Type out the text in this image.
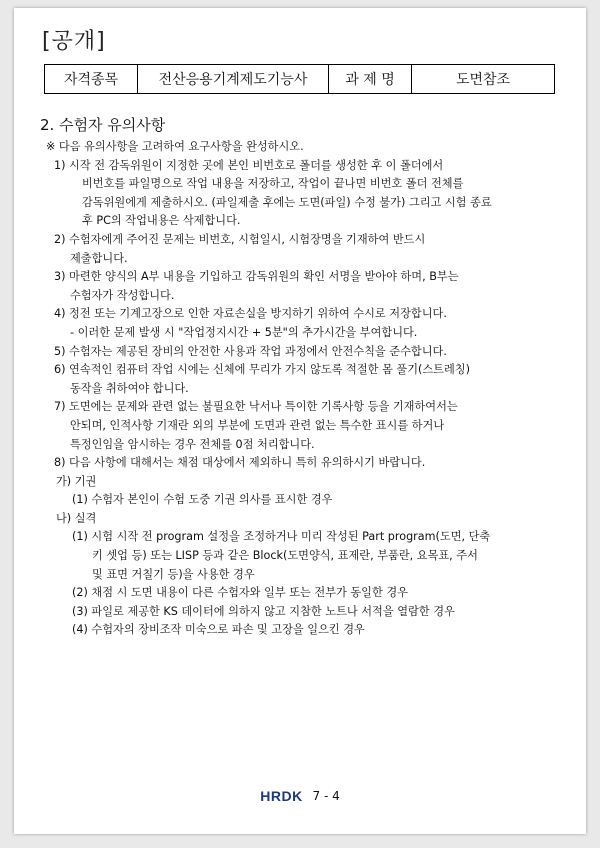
[공개]
자격종목	전산응용기계제도기능사	과 제 명	도면참조
2. 수험자 유의사항
※ 다음 유의사항을 고려하여 요구사항을 완성하시오.
1) 시작 전 감독위원이 지정한 곳에 본인 비번호로 폴더를 생성한 후 이 폴더에서
비번호를 파일명으로 작업 내용을 저장하고, 작업이 끝나면 비번호 폴더 전체를
감독위원에게 제출하시오. (파일제출 후에는 도면(파일) 수정 불가) 그리고 시험 종료
후 PC의 작업내용은 삭제합니다.
2) 수험자에게 주어진 문제는 비번호, 시험일시, 시험장명을 기재하여 반드시
제출합니다.
3) 마련한 양식의 A부 내용을 기입하고 감독위원의 확인 서명을 받아야 하며, B부는
수험자가 작성합니다.
4) 정전 또는 기계고장으로 인한 자료손실을 방지하기 위하여 수시로 저장합니다.
- 이러한 문제 발생 시 "작업정지시간 + 5분"의 추가시간을 부여합니다.
5) 수험자는 제공된 장비의 안전한 사용과 작업 과정에서 안전수칙을 준수합니다.
6) 연속적인 컴퓨터 작업 시에는 신체에 무리가 가지 않도록 적절한 몸 풀기(스트레칭)
동작을 취하여야 합니다.
7) 도면에는 문제와 관련 없는 불필요한 낙서나 특이한 기록사항 등을 기재하여서는
안되며, 인적사항 기재란 외의 부분에 도면과 관련 없는 특수한 표시를 하거나
특정인임을 암시하는 경우 전체를 0점 처리합니다.
8) 다음 사항에 대해서는 채점 대상에서 제외하니 특히 유의하시기 바랍니다.
가) 기권
(1) 수험자 본인이 수험 도중 기권 의사를 표시한 경우
나) 실격
(1) 시험 시작 전 program 설정을 조정하거나 미리 작성된 Part program(도면, 단축
키 셋업 등) 또는 LISP 등과 같은 Block(도면양식, 표제란, 부품란, 요목표, 주서
및 표면 거칠기 등)을 사용한 경우
(2) 채점 시 도면 내용이 다른 수험자와 일부 또는 전부가 동일한 경우
(3) 파일로 제공한 KS 데이터에 의하지 않고 지참한 노트나 서적을 열람한 경우
(4) 수험자의 장비조작 미숙으로 파손 및 고장을 일으킨 경우
HRDK 7 - 4
